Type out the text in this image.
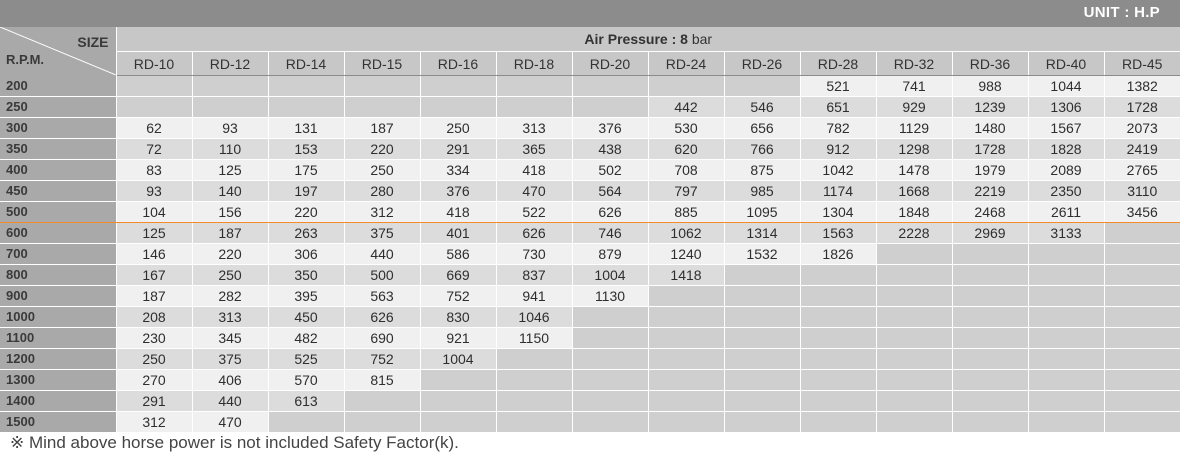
UNIT : H.P
SIZE
R.P.M.	Air Pressure : 8 bar													
	RD-10	RD-12	RD-14	RD-15	RD-16	RD-18	RD-20	RD-24	RD-26	RD-28	RD-32	RD-36	RD-40	RD-45
200										521	741	988	1044	1382
250								442	546	651	929	1239	1306	1728
300	62	93	131	187	250	313	376	530	656	782	1129	1480	1567	2073
350	72	110	153	220	291	365	438	620	766	912	1298	1728	1828	2419
400	83	125	175	250	334	418	502	708	875	1042	1478	1979	2089	2765
450	93	140	197	280	376	470	564	797	985	1174	1668	2219	2350	3110
500	104	156	220	312	418	522	626	885	1095	1304	1848	2468	2611	3456
600	125	187	263	375	401	626	746	1062	1314	1563	2228	2969	3133	
700	146	220	306	440	586	730	879	1240	1532	1826				
800	167	250	350	500	669	837	1004	1418						
900	187	282	395	563	752	941	1130							
1000	208	313	450	626	830	1046								
1100	230	345	482	690	921	1150								
1200	250	375	525	752	1004									
1300	270	406	570	815										
1400	291	440	613											
1500	312	470												
※ Mind above horse power is not included Safety Factor(k).
